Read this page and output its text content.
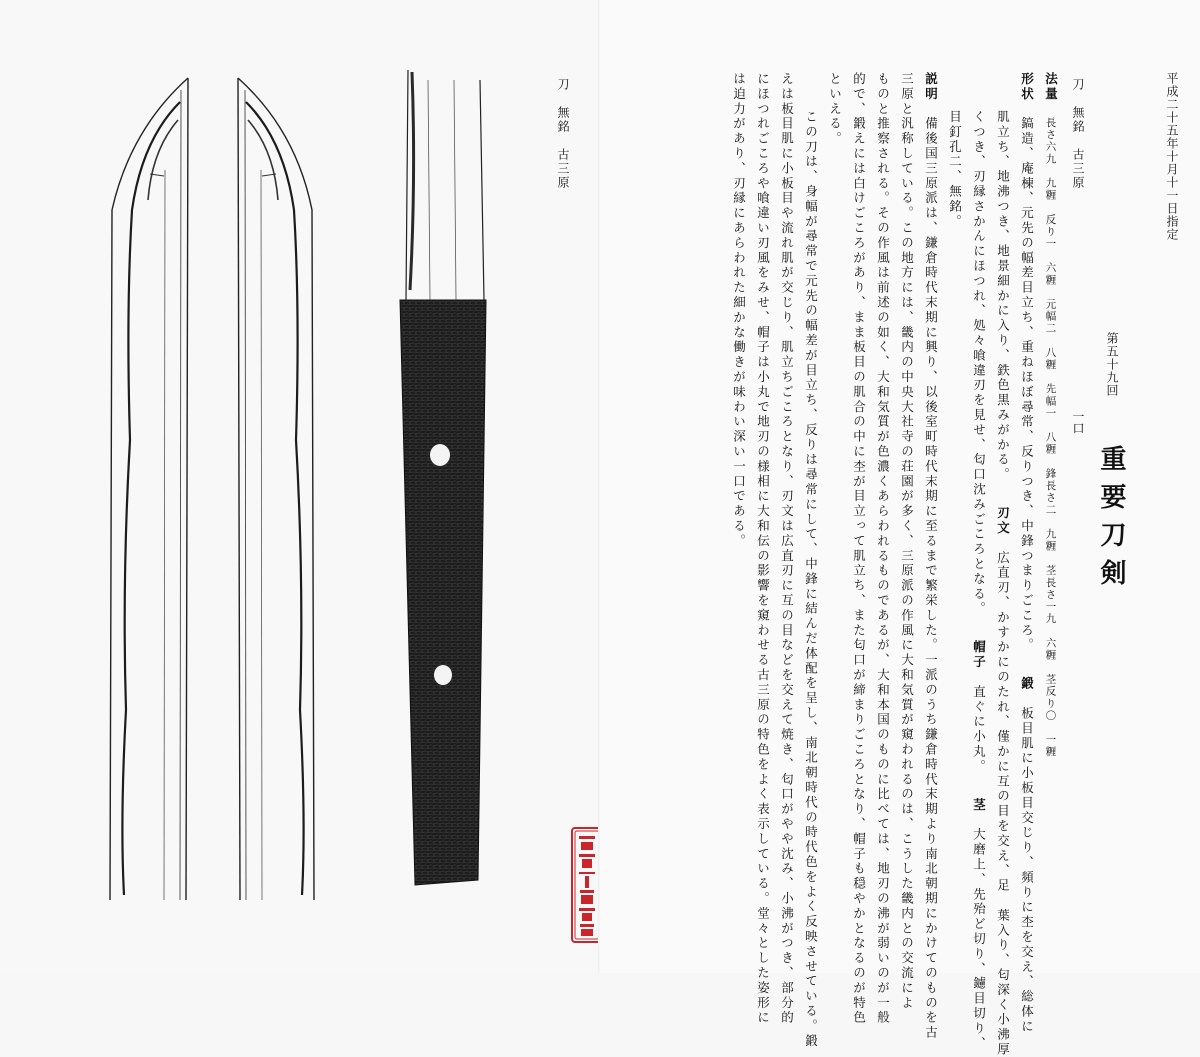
刀　無銘　古三原	平成二十五年十月十一日指定
第五十九回
重要刀剣
刀　無銘　古三原
一口
法量　長さ六九　九糎　反り一　六糎　元幅二　八糎　先幅一　八糎　鋒長さ二　九糎　茎長さ一九　六糎　茎反り〇　一糎
形状　鎬造、庵棟、元先の幅差目立ち、重ねほぼ尋常、反りつき、中鋒つまりごころ。　　鍛　板目肌に小板目交じり、頻りに杢を交え、総体に
肌立ち、地沸つき、地景細かに入り、鉄色黒みがかる。　　刃文　広直刃、かすかにのたれ、僅かに互の目を交え、足　葉入り、匂深く小沸厚
くつき、刃縁さかんにほつれ、処々喰違刃を見せ、匂口沈みごころとなる。　　帽子　直ぐに小丸。　　茎　大磨上、先殆ど切り、鑢目切り、
目釘孔二、無銘。
説明　備後国三原派は、鎌倉時代末期に興り、以後室町時代末期に至るまで繁栄した。一派のうち鎌倉時代末期より南北朝期にかけてのものを古
三原と汎称している。この地方には、畿内の中央大社寺の荘園が多く、三原派の作風に大和気質が窺われるのは、こうした畿内との交流によ
ものと推察される。その作風は前述の如く、大和気質が色濃くあらわれるものであるが、大和本国のものに比べては、地刃の沸が弱いのが一般
的で、鍛えには白けごころがあり、まま板目の肌合の中に杢が目立って肌立ち、また匂口が締まりごころとなり、帽子も穏やかとなるのが特色
といえる。
この刀は、身幅が尋常で元先の幅差が目立ち、反りは尋常にして、中鋒に結んだ体配を呈し、南北朝時代の時代色をよく反映させている。鍛
えは板目肌に小板目や流れ肌が交じり、肌立ちごころとなり、刃文は広直刃に互の目などを交えて焼き、匂口がやや沈み、小沸がつき、部分的
にほつれごころや喰違い刃風をみせ、帽子は小丸で地刃の様相に大和伝の影響を窺わせる古三原の特色をよく表示している。堂々とした姿形に
は迫力があり、刃縁にあらわれた細かな働きが味わい深い一口である。
